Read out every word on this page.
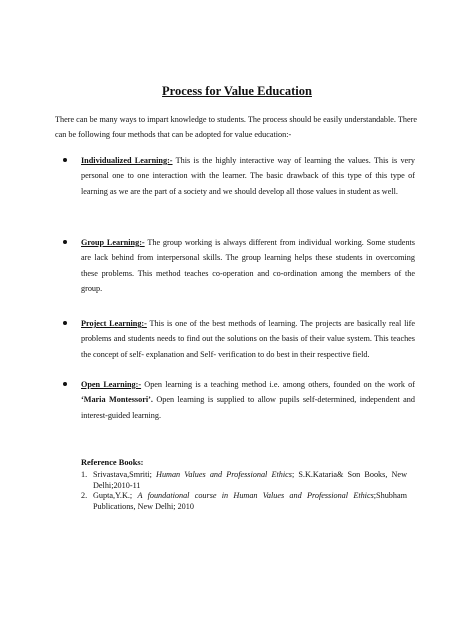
Process for Value Education
There can be many ways to impart knowledge to students. The process should be easily understandable. There can be following four methods that can be adopted for value education:-
Individualized Learning:- This is the highly interactive way of learning the values. This is very personal one to one interaction with the learner. The basic drawback of this type of this type of learning as we are the part of a society and we should develop all those values in student as well.
Group Learning:- The group working is always different from individual working. Some students are lack behind from interpersonal skills. The group learning helps these students in overcoming these problems. This method teaches co-operation and co-ordination among the members of the group.
Project Learning:- This is one of the best methods of learning. The projects are basically real life problems and students needs to find out the solutions on the basis of their value system. This teaches the concept of self- explanation and Self- verification to do best in their respective field.
Open Learning:- Open learning is a teaching method i.e. among others, founded on the work of ‘Maria Montessori’. Open learning is supplied to allow pupils self-determined, independent and interest-guided learning.
Reference Books:
1. Srivastava,Smriti; Human Values and Professional Ethics; S.K.Kataria& Son Books, New Delhi;2010-11
2. Gupta,Y.K.; A foundational course in Human Values and Professional Ethics;Shubham Publications, New Delhi; 2010
